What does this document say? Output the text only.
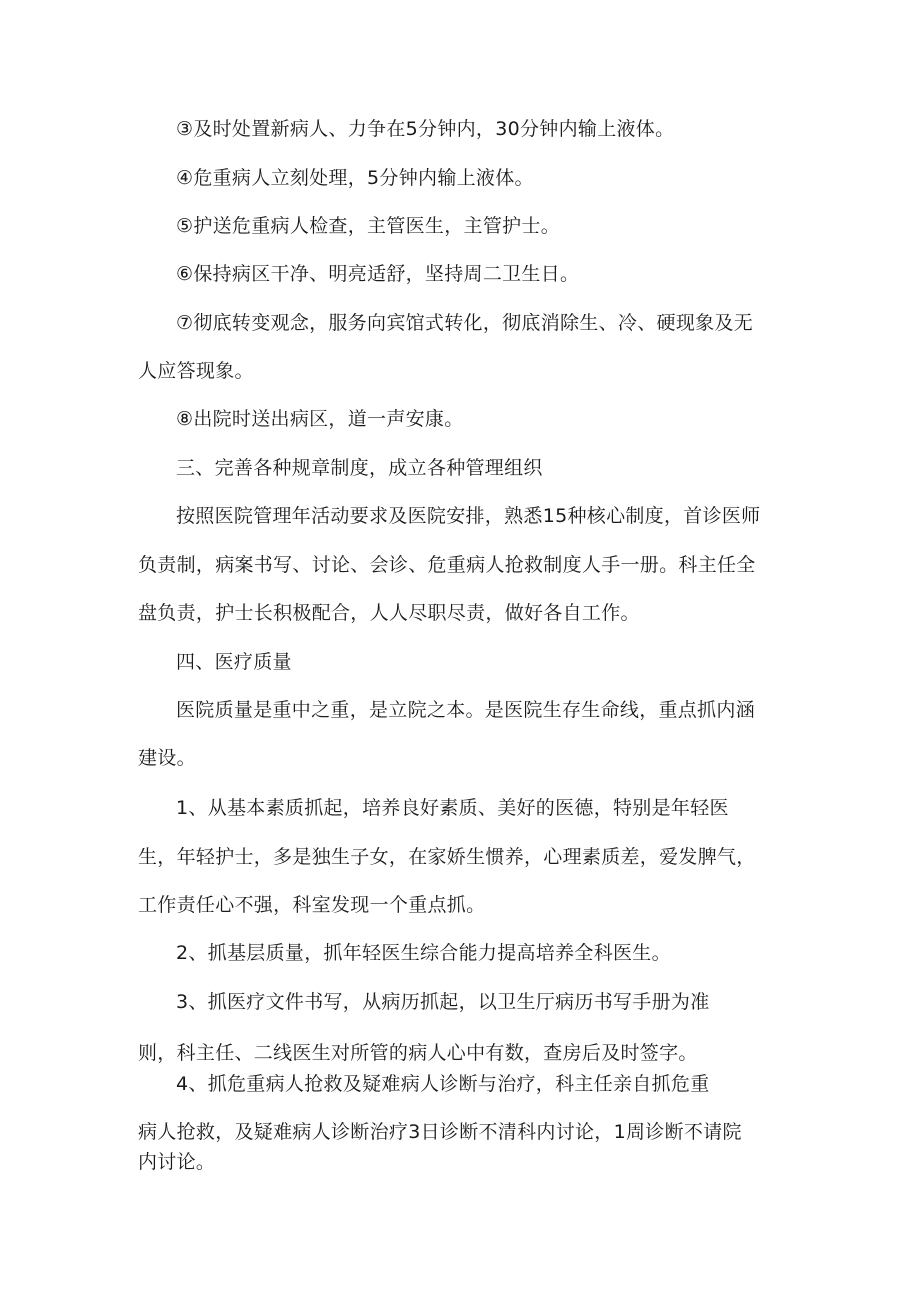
③及时处置新病人、力争在5分钟内，30分钟内输上液体。

④危重病人立刻处理，5分钟内输上液体。

⑤护送危重病人检查，主管医生，主管护士。

⑥保持病区干净、明亮适舒，坚持周二卫生日。

⑦彻底转变观念，服务向宾馆式转化，彻底消除生、冷、硬现象及无

人应答现象。

⑧出院时送出病区，道一声安康。

三、完善各种规章制度，成立各种管理组织

按照医院管理年活动要求及医院安排，熟悉15种核心制度，首诊医师

负责制，病案书写、讨论、会诊、危重病人抢救制度人手一册。科主任全

盘负责，护士长积极配合，人人尽职尽责，做好各自工作。

四、医疗质量

医院质量是重中之重，是立院之本。是医院生存生命线，重点抓内涵

建设。

1、从基本素质抓起，培养良好素质、美好的医德，特别是年轻医

生，年轻护士，多是独生子女，在家娇生惯养，心理素质差，爱发脾气，

工作责任心不强，科室发现一个重点抓。

2、抓基层质量，抓年轻医生综合能力提高培养全科医生。

3、抓医疗文件书写，从病历抓起，以卫生厅病历书写手册为准

则，科主任、二线医生对所管的病人心中有数，查房后及时签字。

4、抓危重病人抢救及疑难病人诊断与治疗，科主任亲自抓危重

病人抢救，及疑难病人诊断治疗3日诊断不清科内讨论，1周诊断不请院

内讨论。
